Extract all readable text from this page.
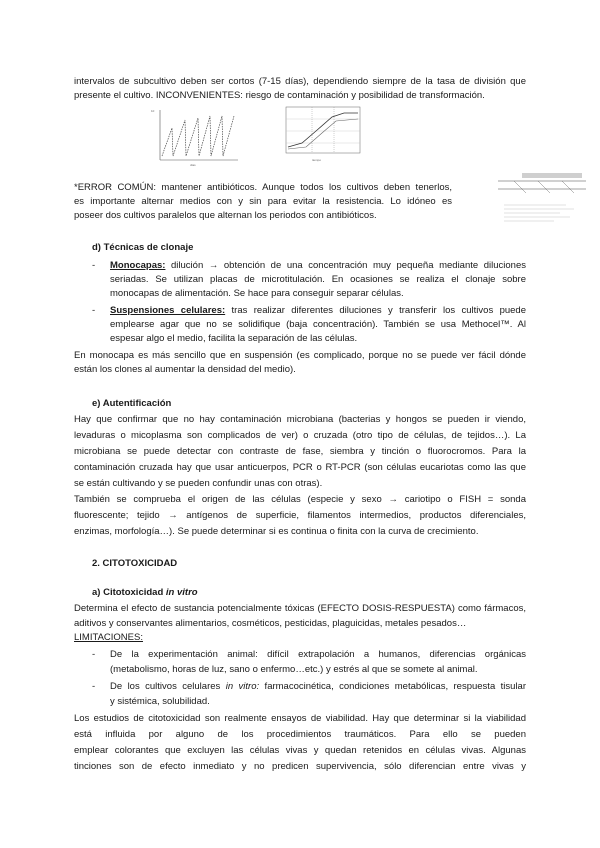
intervalos de subcultivo deben ser cortos (7-15 días), dependiendo siempre de la tasa de división que
presente el cultivo. INCONVENIENTES: riesgo de contaminación y posibilidad de transformación.
10
días
tiempo
*ERROR COMÚN: mantener antibióticos. Aunque todos los cultivos deben tenerlos,
es importante alternar medios con y sin para evitar la resistencia. Lo idóneo es
poseer dos cultivos paralelos que alternan los periodos con antibióticos.
d) Técnicas de clonaje
-	Monocapas: dilución → obtención de una concentración muy pequeña mediante diluciones
seriadas. Se utilizan placas de microtitulación. En ocasiones se realiza el clonaje sobre
monocapas de alimentación. Se hace para conseguir separar células.
-	Suspensiones celulares: tras realizar diferentes diluciones y transferir los cultivos puede
emplearse agar que no se solidifique (baja concentración). También se usa Methocel™. Al
espesar algo el medio, facilita la separación de las células.
En monocapa es más sencillo que en suspensión (es complicado, porque no se puede ver fácil dónde
están los clones al aumentar la densidad del medio).
e) Autentificación
Hay que confirmar que no hay contaminación microbiana (bacterias y hongos se pueden ir viendo,
levaduras o micoplasma son complicados de ver) o cruzada (otro tipo de células, de tejidos…). La
microbiana se puede detectar con contraste de fase, siembra y tinción o fluorocromos. Para la
contaminación cruzada hay que usar anticuerpos, PCR o RT-PCR (son células eucariotas como las que
se están cultivando y se pueden confundir unas con otras).
También se comprueba el origen de las células (especie y sexo → cariotipo o FISH = sonda
fluorescente; tejido → antígenos de superficie, filamentos intermedios, productos diferenciales,
enzimas, morfología…). Se puede determinar si es continua o finita con la curva de crecimiento.
2. CITOTOXICIDAD
a) Citotoxicidad in vitro
Determina el efecto de sustancia potencialmente tóxicas (EFECTO DOSIS-RESPUESTA) como fármacos,
aditivos y conservantes alimentarios, cosméticos, pesticidas, plaguicidas, metales pesados…
LIMITACIONES:
-	De la experimentación animal: difícil extrapolación a humanos, diferencias orgánicas
(metabolismo, horas de luz, sano o enfermo…etc.) y estrés al que se somete al animal.
-	De los cultivos celulares in vitro: farmacocinética, condiciones metabólicas, respuesta tisular
y sistémica, solubilidad.
Los estudios de citotoxicidad son realmente ensayos de viabilidad. Hay que determinar si la viabilidad
está influida por alguno de los procedimientos traumáticos. Para ello se pueden
emplear colorantes que excluyen las células vivas y quedan retenidos en células vivas. Algunas
tinciones son de efecto inmediato y no predicen supervivencia, sólo diferencian entre vivas y
